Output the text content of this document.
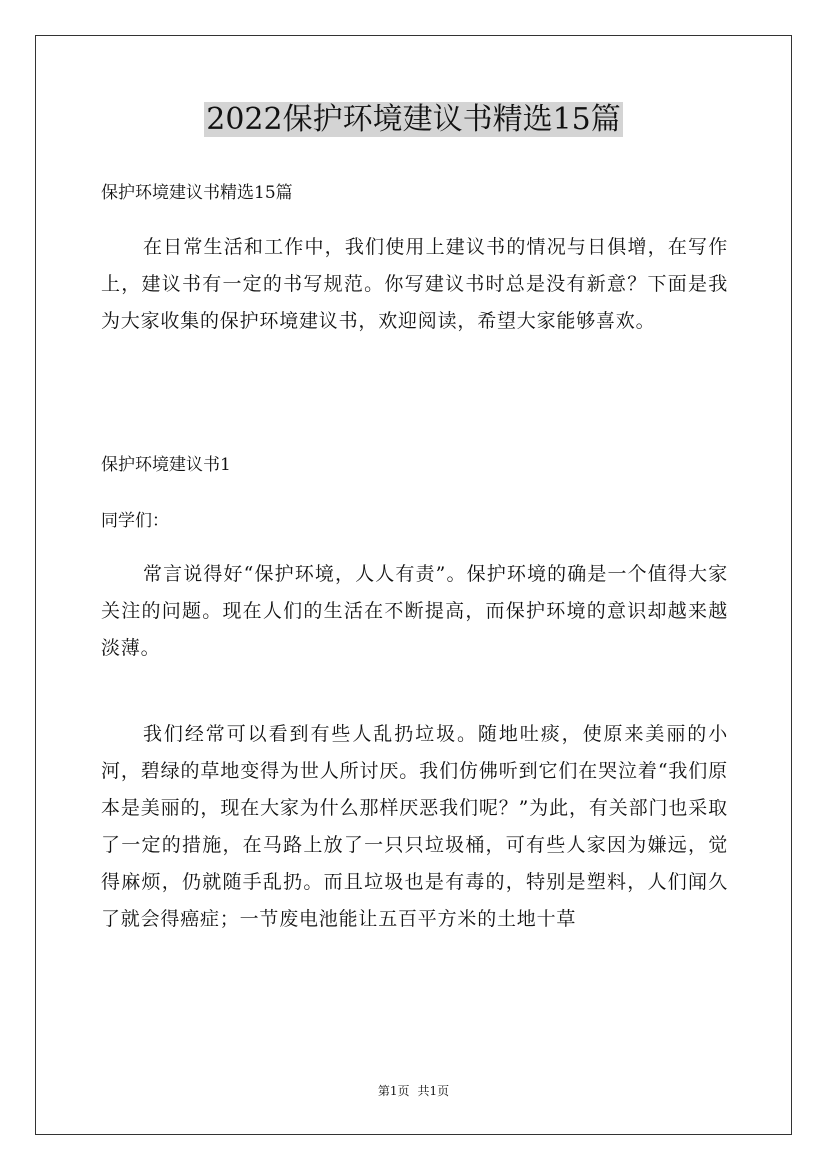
2022保护环境建议书精选15篇

保护环境建议书精选15篇

在日常生活和工作中，我们使用上建议书的情况与日俱增，在写作上，建议书有一定的书写规范。你写建议书时总是没有新意？下面是我为大家收集的保护环境建议书，欢迎阅读，希望大家能够喜欢。

保护环境建议书1

同学们：

常言说得好“保护环境，人人有责”。保护环境的确是一个值得大家关注的问题。现在人们的生活在不断提高，而保护环境的意识却越来越淡薄。

我们经常可以看到有些人乱扔垃圾。随地吐痰，使原来美丽的小河，碧绿的草地变得为世人所讨厌。我们仿佛听到它们在哭泣着“我们原本是美丽的，现在大家为什么那样厌恶我们呢？”为此，有关部门也采取了一定的措施，在马路上放了一只只垃圾桶，可有些人家因为嫌远，觉得麻烦，仍就随手乱扔。而且垃圾也是有毒的，特别是塑料，人们闻久了就会得癌症；一节废电池能让五百平方米的土地十草

第1页 共1页
